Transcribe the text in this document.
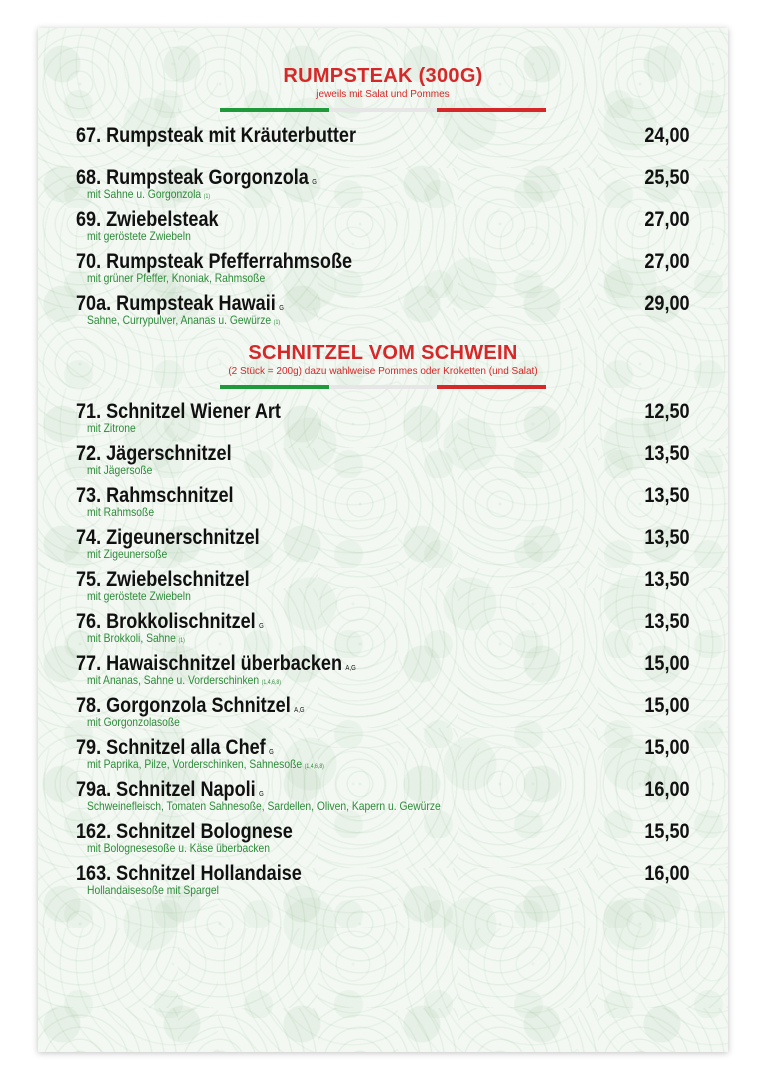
RUMPSTEAK (300G)
jeweils mit Salat und Pommes
67. Rumpsteak mit Kräuterbutter	24,00
68. Rumpsteak Gorgonzola G
mit Sahne u. Gorgonzola (1)
25,50
69. Zwiebelsteak
mit geröstete Zwiebeln
27,00
70. Rumpsteak Pfefferrahmsoße
mit grüner Pfeffer, Knoniak, Rahmsoße
27,00
70a. Rumpsteak Hawaii G
Sahne, Currypulver, Ananas u. Gewürze (1)
29,00
SCHNITZEL VOM SCHWEIN
(2 Stück = 200g) dazu wahlweise Pommes oder Kroketten (und Salat)
71. Schnitzel Wiener Art
mit Zitrone
12,50
72. Jägerschnitzel
mit Jägersoße
13,50
73. Rahmschnitzel
mit Rahmsoße
13,50
74. Zigeunerschnitzel
mit Zigeunersoße
13,50
75. Zwiebelschnitzel
mit geröstete Zwiebeln
13,50
76. Brokkolischnitzel G
mit Brokkoli, Sahne (1)
13,50
77. Hawaischnitzel überbacken A,G
mit Ananas, Sahne u. Vorderschinken (1,4,6,8)
15,00
78. Gorgonzola Schnitzel A,G
mit Gorgonzolasoße
15,00
79. Schnitzel alla Chef G
mit Paprika, Pilze, Vorderschinken, Sahnesoße (1,4,6,8)
15,00
79a. Schnitzel Napoli G
Schweinefleisch, Tomaten Sahnesoße, Sardellen, Oliven, Kapern u. Gewürze
16,00
162. Schnitzel Bolognese
mit Bolognesesoße u. Käse überbacken
15,50
163. Schnitzel Hollandaise
Hollandaisesoße mit Spargel
16,00
